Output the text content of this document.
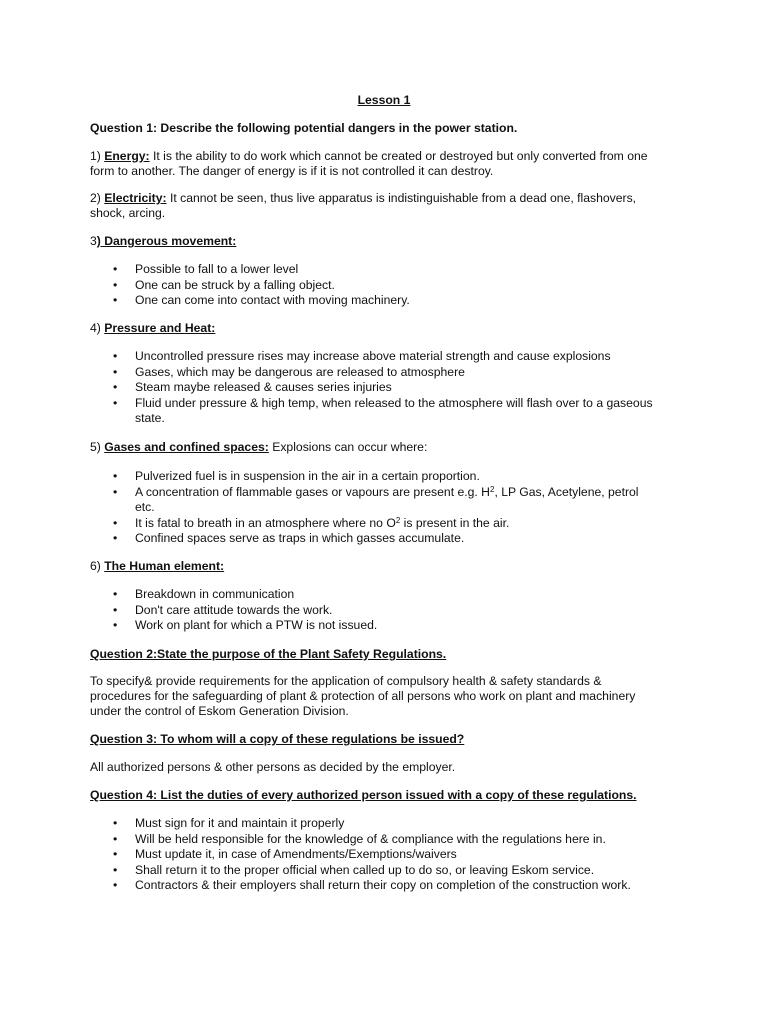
Lesson 1
Question 1: Describe the following potential dangers in the power station.
1) Energy: It is the ability to do work which cannot be created or destroyed but only converted from one
form to another. The danger of energy is if it is not controlled it can destroy.
2) Electricity: It cannot be seen, thus live apparatus is indistinguishable from a dead one, flashovers,
shock, arcing.
3) Dangerous movement:
• Possible to fall to a lower level
• One can be struck by a falling object.
• One can come into contact with moving machinery.
4) Pressure and Heat:
• Uncontrolled pressure rises may increase above material strength and cause explosions
• Gases, which may be dangerous are released to atmosphere
• Steam maybe released & causes series injuries
• Fluid under pressure & high temp, when released to the atmosphere will flash over to a gaseous
state.
5) Gases and confined spaces: Explosions can occur where:
• Pulverized fuel is in suspension in the air in a certain proportion.
• A concentration of flammable gases or vapours are present e.g. $H^2$, LP Gas, Acetylene, petrol
etc.
• It is fatal to breath in an atmosphere where no $O^2$ is present in the air.
• Confined spaces serve as traps in which gasses accumulate.
6) The Human element:
• Breakdown in communication
• Don't care attitude towards the work.
• Work on plant for which a PTW is not issued.
Question 2:State the purpose of the Plant Safety Regulations.
To specify& provide requirements for the application of compulsory health & safety standards &
procedures for the safeguarding of plant & protection of all persons who work on plant and machinery
under the control of Eskom Generation Division.
Question 3: To whom will a copy of these regulations be issued?
All authorized persons & other persons as decided by the employer.
Question 4: List the duties of every authorized person issued with a copy of these regulations.
• Must sign for it and maintain it properly
• Will be held responsible for the knowledge of & compliance with the regulations here in.
• Must update it, in case of Amendments/Exemptions/waivers
• Shall return it to the proper official when called up to do so, or leaving Eskom service.
• Contractors & their employers shall return their copy on completion of the construction work.
